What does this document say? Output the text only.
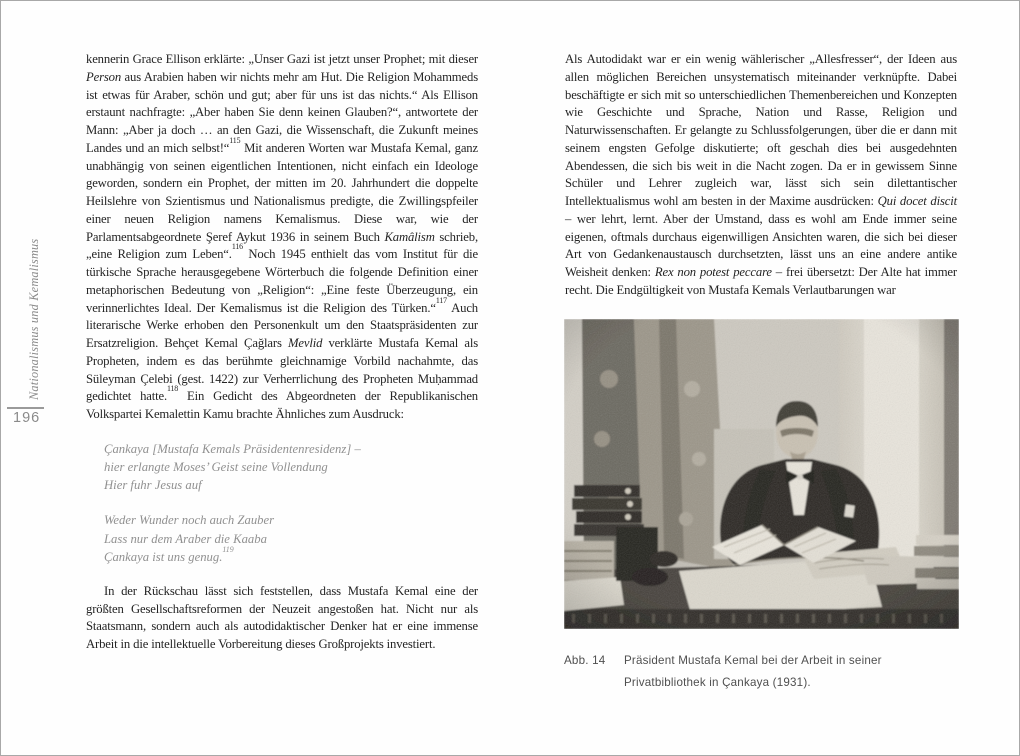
Nationalismus und Kemalismus
196

kennerin Grace Ellison erklärte: „Unser Gazi ist jetzt unser Prophet; mit dieser Person aus Arabien haben wir nichts mehr am Hut. Die Religion Mohammeds ist etwas für Araber, schön und gut; aber für uns ist das nichts.“ Als Ellison erstaunt nachfragte: „Aber haben Sie denn keinen Glauben?“, antwortete der Mann: „Aber ja doch … an den Gazi, die Wissenschaft, die Zukunft meines Landes und an mich selbst!“$^{115}$ Mit anderen Worten war Mustafa Kemal, ganz unabhängig von seinen eigentlichen Intentionen, nicht einfach ein Ideologe geworden, sondern ein Prophet, der mitten im 20. Jahrhundert die doppelte Heilslehre von Szientismus und Nationalismus predigte, die Zwillingspfeiler einer neuen Religion namens Kemalismus. Diese war, wie der Parlamentsabgeordnete Şeref Aykut 1936 in seinem Buch Kamâlism schrieb, „eine Religion zum Leben“.$^{116}$ Noch 1945 enthielt das vom Institut für die türkische Sprache herausgegebene Wörterbuch die folgende Definition einer metaphorischen Bedeutung von „Religion“: „Eine feste Überzeugung, ein verinnerlichtes Ideal. Der Kemalismus ist die Religion des Türken.“$^{117}$ Auch literarische Werke erhoben den Personenkult um den Staatspräsidenten zur Ersatzreligion. Behçet Kemal Çağlars Mevlid verklärte Mustafa Kemal als Propheten, indem es das berühmte gleichnamige Vorbild nachahmte, das Süleyman Çelebi (gest. 1422) zur Verherrlichung des Propheten Muḥammad gedichtet hatte.$^{118}$ Ein Gedicht des Abgeordneten der Republikanischen Volkspartei Kemalettin Kamu brachte Ähnliches zum Ausdruck:

Çankaya [Mustafa Kemals Präsidentenresidenz] –
hier erlangte Moses’ Geist seine Vollendung
Hier fuhr Jesus auf
Weder Wunder noch auch Zauber
Lass nur dem Araber die Kaaba
Çankaya ist uns genug.$^{119}$

In der Rückschau lässt sich feststellen, dass Mustafa Kemal eine der größten Gesellschaftsreformen der Neuzeit angestoßen hat. Nicht nur als Staatsmann, sondern auch als autodidaktischer Denker hat er eine immense Arbeit in die intellektuelle Vorbereitung dieses Großprojekts investiert.

Als Autodidakt war er ein wenig wählerischer „Allesfresser“, der Ideen aus allen möglichen Bereichen unsystematisch miteinander verknüpfte. Dabei beschäftigte er sich mit so unterschiedlichen Themenbereichen und Konzepten wie Geschichte und Sprache, Nation und Rasse, Religion und Naturwissenschaften. Er gelangte zu Schlussfolgerungen, über die er dann mit seinem engsten Gefolge diskutierte; oft geschah dies bei ausgedehnten Abendessen, die sich bis weit in die Nacht zogen. Da er in gewissem Sinne Schüler und Lehrer zugleich war, lässt sich sein dilettantischer Intellektualismus wohl am besten in der Maxime ausdrücken: Qui docet discit – wer lehrt, lernt. Aber der Umstand, dass es wohl am Ende immer seine eigenen, oftmals durchaus eigenwilligen Ansichten waren, die sich bei dieser Art von Gedankenaustausch durchsetzten, lässt uns an eine andere antike Weisheit denken: Rex non potest peccare – frei übersetzt: Der Alte hat immer recht. Die Endgültigkeit von Mustafa Kemals Verlautbarungen war

Abb. 14	Präsident Mustafa Kemal bei der Arbeit in seiner
Privatbibliothek in Çankaya (1931).
